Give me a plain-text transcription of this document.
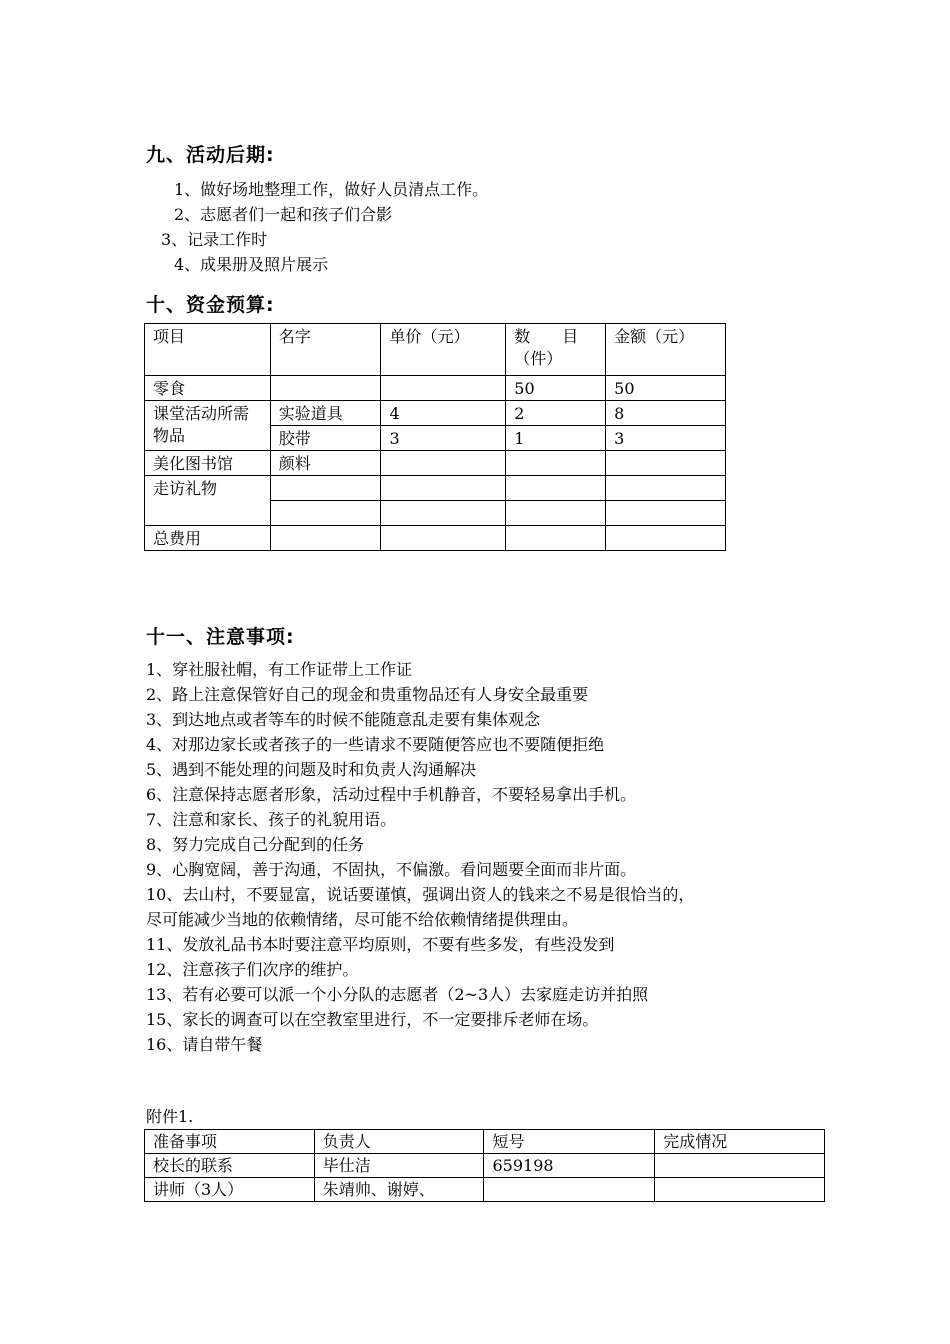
九、活动后期:
1、做好场地整理工作，做好人员清点工作。
2、志愿者们一起和孩子们合影
3、记录工作时
4、成果册及照片展示
十、资金预算:
项目	名字	单价（元）	数　　目（件）	金额（元）
零食			50	50
课堂活动所需物品	实验道具	4	2	8
	胶带	3	1	3
美化图书馆	颜料			
走访礼物				

总费用				
十一、注意事项:
1、穿社服社帽，有工作证带上工作证
2、路上注意保管好自己的现金和贵重物品还有人身安全最重要
3、到达地点或者等车的时候不能随意乱走要有集体观念
4、对那边家长或者孩子的一些请求不要随便答应也不要随便拒绝
5、遇到不能处理的问题及时和负责人沟通解决
6、注意保持志愿者形象，活动过程中手机静音，不要轻易拿出手机。
7、注意和家长、孩子的礼貌用语。
8、努力完成自己分配到的任务
9、心胸宽阔，善于沟通，不固执，不偏激。看问题要全面而非片面。
10、去山村，不要显富，说话要谨慎，强调出资人的钱来之不易是很恰当的，
尽可能减少当地的依赖情绪，尽可能不给依赖情绪提供理由。
11、发放礼品书本时要注意平均原则，不要有些多发，有些没发到
12、注意孩子们次序的维护。
13、若有必要可以派一个小分队的志愿者（2~3人）去家庭走访并拍照
15、家长的调查可以在空教室里进行，不一定要排斥老师在场。
16、请自带午餐
附件1.
准备事项	负责人	短号	完成情况
校长的联系	毕仕洁	659198	
讲师（3人）	朱靖帅、谢婷、		
